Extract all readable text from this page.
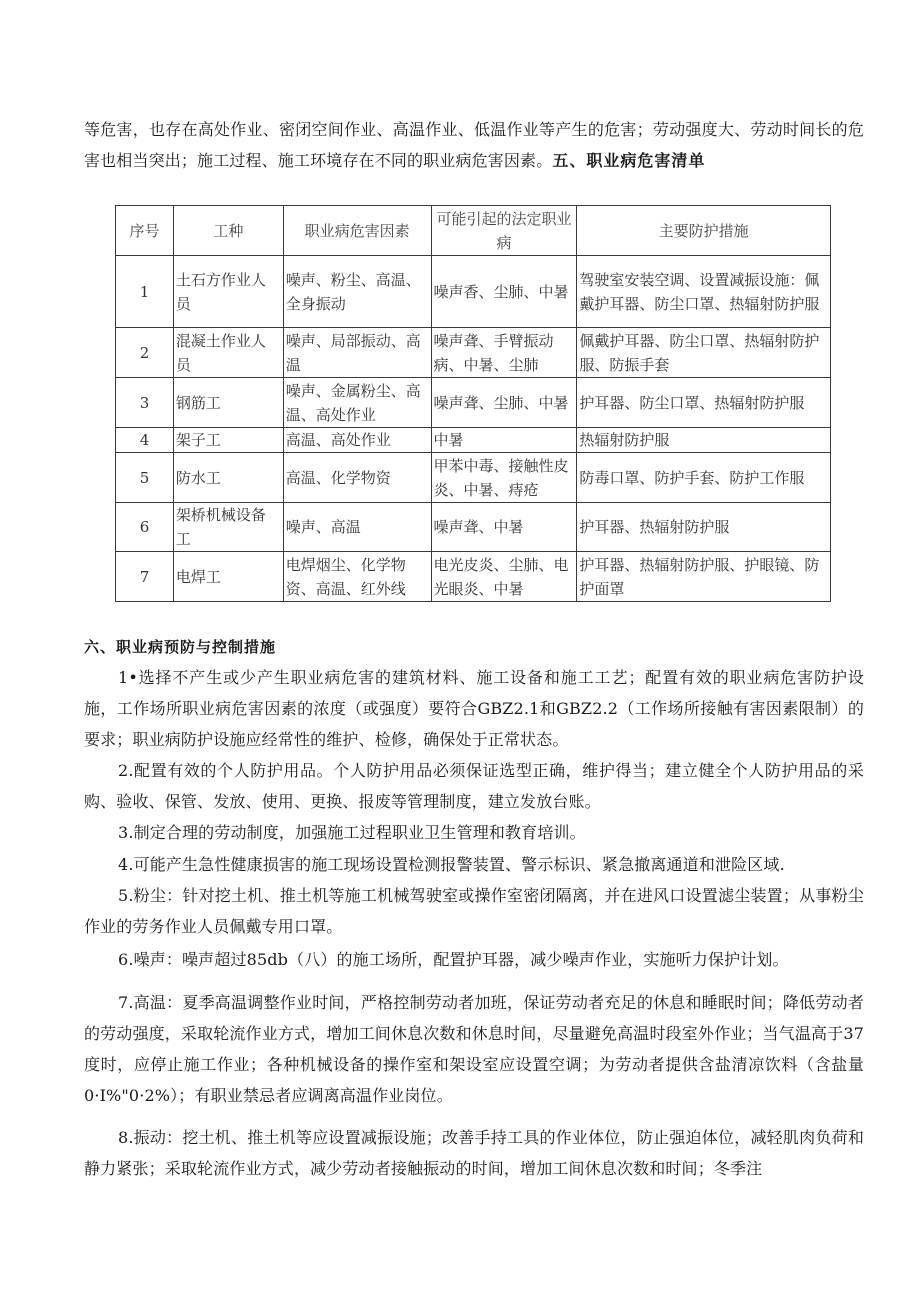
等危害，也存在高处作业、密闭空间作业、高温作业、低温作业等产生的危害；劳动强度大、劳动时间长的危害也相当突出；施工过程、施工环境存在不同的职业病危害因素。五、职业病危害清单

序号	工种	职业病危害因素	可能引起的法定职业病	主要防护措施
1	土石方作业人员	噪声、粉尘、高温、全身振动	噪声香、尘肺、中暑	驾驶室安装空调、设置减振设施：佩戴护耳器、防尘口罩、热辐射防护服
2	混凝土作业人员	噪声、局部振动、高温	噪声聋、手臂振动病、中暑、尘肺	佩戴护耳器、防尘口罩、热辐射防护服、防振手套
3	钢筋工	噪声、金属粉尘、高温、高处作业	噪声聋、尘肺、中暑	护耳器、防尘口罩、热辐射防护服
4	架子工	高温、高处作业	中暑	热辐射防护服
5	防水工	高温、化学物资	甲苯中毒、接触性皮炎、中暑、痔疮	防毒口罩、防护手套、防护工作服
6	架桥机械设备工	噪声、高温	噪声聋、中暑	护耳器、热辐射防护服
7	电焊工	电焊烟尘、化学物资、高温、红外线	电光皮炎、尘肺、电光眼炎、中暑	护耳器、热辐射防护服、护眼镜、防护面罩

六、职业病预防与控制措施

1•选择不产生或少产生职业病危害的建筑材料、施工设备和施工工艺；配置有效的职业病危害防护设施，工作场所职业病危害因素的浓度（或强度）要符合GBZ2.1和GBZ2.2（工作场所接触有害因素限制）的要求；职业病防护设施应经常性的维护、检修，确保处于正常状态。

2.配置有效的个人防护用品。个人防护用品必须保证选型正确，维护得当；建立健全个人防护用品的采购、验收、保管、发放、使用、更换、报废等管理制度，建立发放台账。

3.制定合理的劳动制度，加强施工过程职业卫生管理和教育培训。

4.可能产生急性健康损害的施工现场设置检测报警装置、警示标识、紧急撤离通道和泄险区域.

5.粉尘：针对挖土机、推土机等施工机械驾驶室或操作室密闭隔离，并在进风口设置滤尘装置；从事粉尘作业的劳务作业人员佩戴专用口罩。

6.噪声：噪声超过85db（八）的施工场所，配置护耳器，减少噪声作业，实施听力保护计划。

7.高温：夏季高温调整作业时间，严格控制劳动者加班，保证劳动者充足的休息和睡眠时间；降低劳动者的劳动强度，采取轮流作业方式，增加工间休息次数和休息时间，尽量避免高温时段室外作业；当气温高于37度时，应停止施工作业；各种机械设备的操作室和架设室应设置空调；为劳动者提供含盐清凉饮料（含盐量0·I%"0·2%）；有职业禁忌者应调离高温作业岗位。

8.振动：挖土机、推土机等应设置减振设施；改善手持工具的作业体位，防止强迫体位，减轻肌肉负荷和静力紧张；采取轮流作业方式，减少劳动者接触振动的时间，增加工间休息次数和时间；冬季注
